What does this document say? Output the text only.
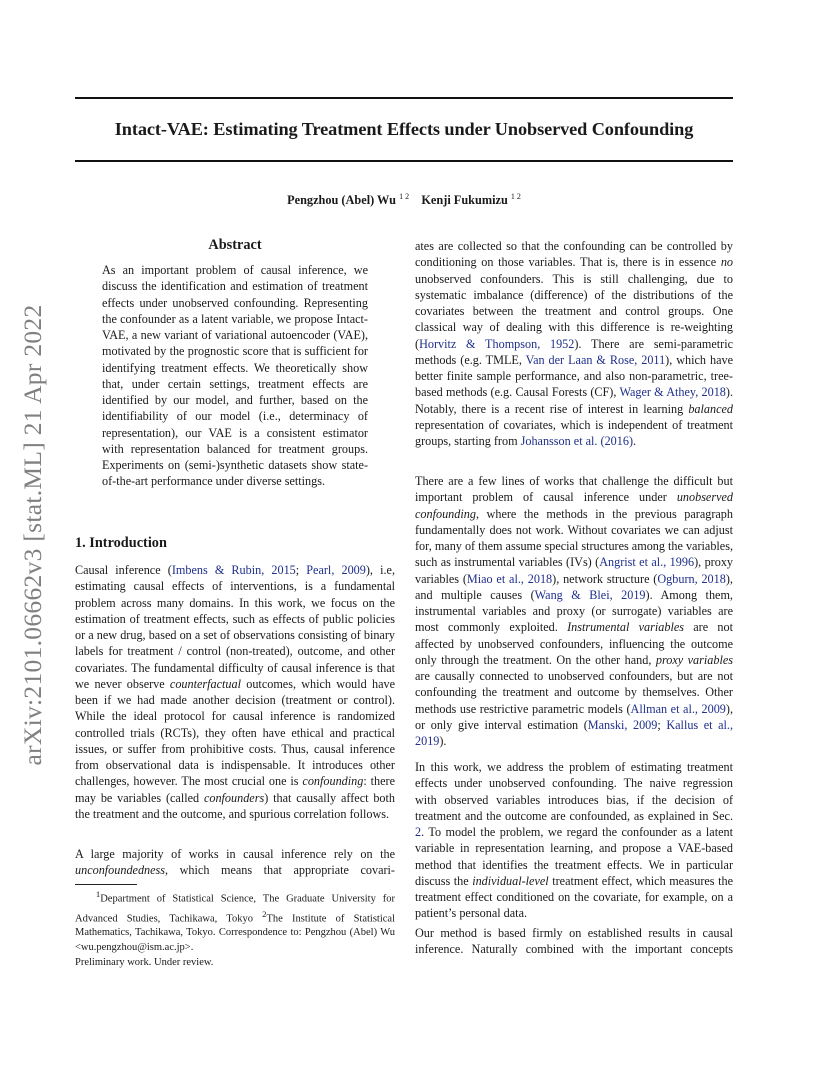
arXiv:2101.06662v3 [stat.ML] 21 Apr 2022
Intact-VAE: Estimating Treatment Effects under Unobserved Confounding
Pengzhou (Abel) Wu $^{1 2}$ Kenji Fukumizu $^{1 2}$
Abstract

As an important problem of causal inference, we discuss the identification and estimation of treatment effects under unobserved confounding. Representing the confounder as a latent variable, we propose Intact-VAE, a new variant of variational autoencoder (VAE), motivated by the prognostic score that is sufficient for identifying treatment effects. We theoretically show that, under certain settings, treatment effects are identified by our model, and further, based on the identifiability of our model (i.e., determinacy of representation), our VAE is a consistent estimator with representation balanced for treatment groups. Experiments on (semi-)synthetic datasets show state-of-the-art performance under diverse settings.

1. Introduction

Causal inference (Imbens & Rubin, 2015; Pearl, 2009), i.e, estimating causal effects of interventions, is a fundamental problem across many domains. In this work, we focus on the estimation of treatment effects, such as effects of public policies or a new drug, based on a set of observations consisting of binary labels for treatment / control (non-treated), outcome, and other covariates. The fundamental difficulty of causal inference is that we never observe counterfactual outcomes, which would have been if we had made another decision (treatment or control). While the ideal protocol for causal inference is randomized controlled trials (RCTs), they often have ethical and practical issues, or suffer from prohibitive costs. Thus, causal inference from observational data is indispensable. It introduces other challenges, however. The most crucial one is confounding: there may be variables (called confounders) that causally affect both the treatment and the outcome, and spurious correlation follows.

A large majority of works in causal inference rely on the unconfoundedness, which means that appropriate covari-

$^1$Department of Statistical Science, The Graduate University for Advanced Studies, Tachikawa, Tokyo $^2$The Institute of Statistical Mathematics, Tachikawa, Tokyo. Correspondence to: Pengzhou (Abel) Wu <wu.pengzhou@ism.ac.jp>.
Preliminary work. Under review.

ates are collected so that the confounding can be controlled by conditioning on those variables. That is, there is in essence no unobserved confounders. This is still challenging, due to systematic imbalance (difference) of the distributions of the covariates between the treatment and control groups. One classical way of dealing with this difference is re-weighting (Horvitz & Thompson, 1952). There are semi-parametric methods (e.g. TMLE, Van der Laan & Rose, 2011), which have better finite sample performance, and also non-parametric, tree-based methods (e.g. Causal Forests (CF), Wager & Athey, 2018). Notably, there is a recent rise of interest in learning balanced representation of covariates, which is independent of treatment groups, starting from Johansson et al. (2016).

There are a few lines of works that challenge the difficult but important problem of causal inference under unobserved confounding, where the methods in the previous paragraph fundamentally does not work. Without covariates we can adjust for, many of them assume special structures among the variables, such as instrumental variables (IVs) (Angrist et al., 1996), proxy variables (Miao et al., 2018), network structure (Ogburn, 2018), and multiple causes (Wang & Blei, 2019). Among them, instrumental variables and proxy (or surrogate) variables are most commonly exploited. Instrumental variables are not affected by unobserved confounders, influencing the outcome only through the treatment. On the other hand, proxy variables are causally connected to unobserved confounders, but are not confounding the treatment and outcome by themselves. Other methods use restrictive parametric models (Allman et al., 2009), or only give interval estimation (Manski, 2009; Kallus et al., 2019).

In this work, we address the problem of estimating treatment effects under unobserved confounding. The naive regression with observed variables introduces bias, if the decision of treatment and the outcome are confounded, as explained in Sec. 2. To model the problem, we regard the confounder as a latent variable in representation learning, and propose a VAE-based method that identifies the treatment effects. We in particular discuss the individual-level treatment effect, which measures the treatment effect conditioned on the covariate, for example, on a patient’s personal data.

Our method is based firmly on established results in causal inference. Naturally combined with the important concepts
